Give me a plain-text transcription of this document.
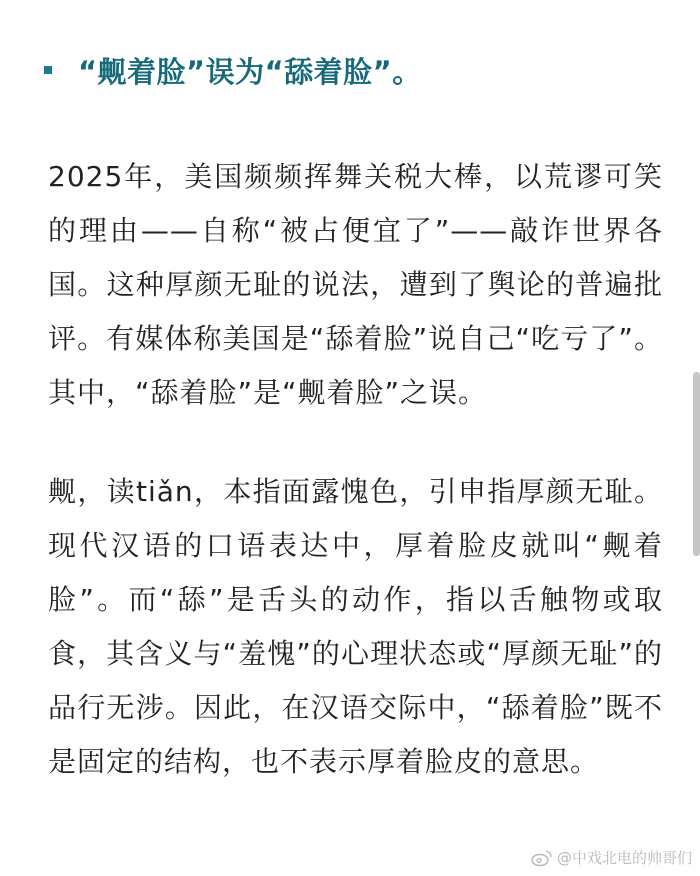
“觍着脸”误为“舔着脸”。

2025年，美国频频挥舞关税大棒，以荒谬可笑的理由——自称“被占便宜了”——敲诈世界各国。这种厚颜无耻的说法，遭到了舆论的普遍批评。有媒体称美国是“舔着脸”说自己“吃亏了”。其中，“舔着脸”是“觍着脸”之误。

觍，读tiǎn，本指面露愧色，引申指厚颜无耻。现代汉语的口语表达中，厚着脸皮就叫“觍着脸”。而“舔”是舌头的动作，指以舌触物或取食，其含义与“羞愧”的心理状态或“厚颜无耻”的品行无涉。因此，在汉语交际中，“舔着脸”既不是固定的结构，也不表示厚着脸皮的意思。

@中戏北电的帅哥们
